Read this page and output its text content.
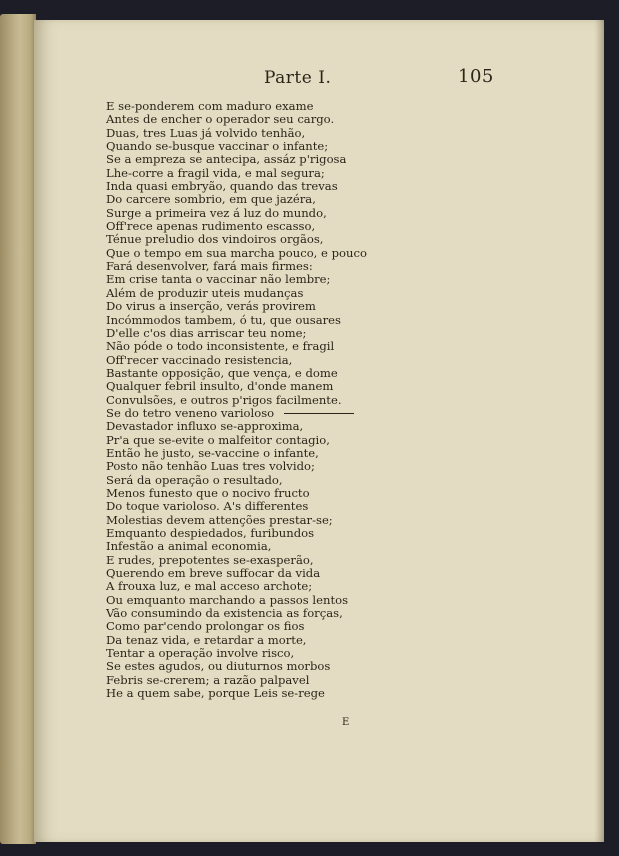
Parte I.	105
E se-ponderem com maduro exame
Antes de encher o operador seu cargo.
Duas, tres Luas já volvido tenhão,
Quando se-busque vaccinar o infante;
Se a empreza se antecipa, assáz p'rigosa
Lhe-corre a fragil vida, e mal segura;
Inda quasi embryão, quando das trevas
Do carcere sombrio, em que jazéra,
Surge a primeira vez á luz do mundo,
Off'rece apenas rudimento escasso,
Ténue preludio dos vindoiros orgãos,
Que o tempo em sua marcha pouco, e pouco
Fará desenvolver, fará mais firmes:
Em crise tanta o vaccinar não lembre;
Além de produzir uteis mudanças
Do virus a inserção, verás provirem
Incómmodos tambem, ó tu, que ousares
D'elle c'os dias arriscar teu nome;
Não póde o todo inconsistente, e fragil
Off'recer vaccinado resistencia,
Bastante opposição, que vença, e dome
Qualquer febril insulto, d'onde manem
Convulsões, e outros p'rigos facilmente.
Se do tetro veneno varioloso
Devastador influxo se-approxima,
Pr'a que se-evite o malfeitor contagio,
Então he justo, se-vaccine o infante,
Posto não tenhão Luas tres volvido;
Será da operação o resultado,
Menos funesto que o nocivo fructo
Do toque varioloso. A's differentes
Molestias devem attenções prestar-se;
Emquanto despiedados, furibundos
Infestão a animal economia,
E rudes, prepotentes se-exasperão,
Querendo em breve suffocar da vida
A frouxa luz, e mal acceso archote;
Ou emquanto marchando a passos lentos
Vão consumindo da existencia as forças,
Como par'cendo prolongar os fios
Da tenaz vida, e retardar a morte,
Tentar a operação involve risco,
Se estes agudos, ou diuturnos morbos
Febris se-crerem; a razão palpavel
He a quem sabe, porque Leis se-rege
E
